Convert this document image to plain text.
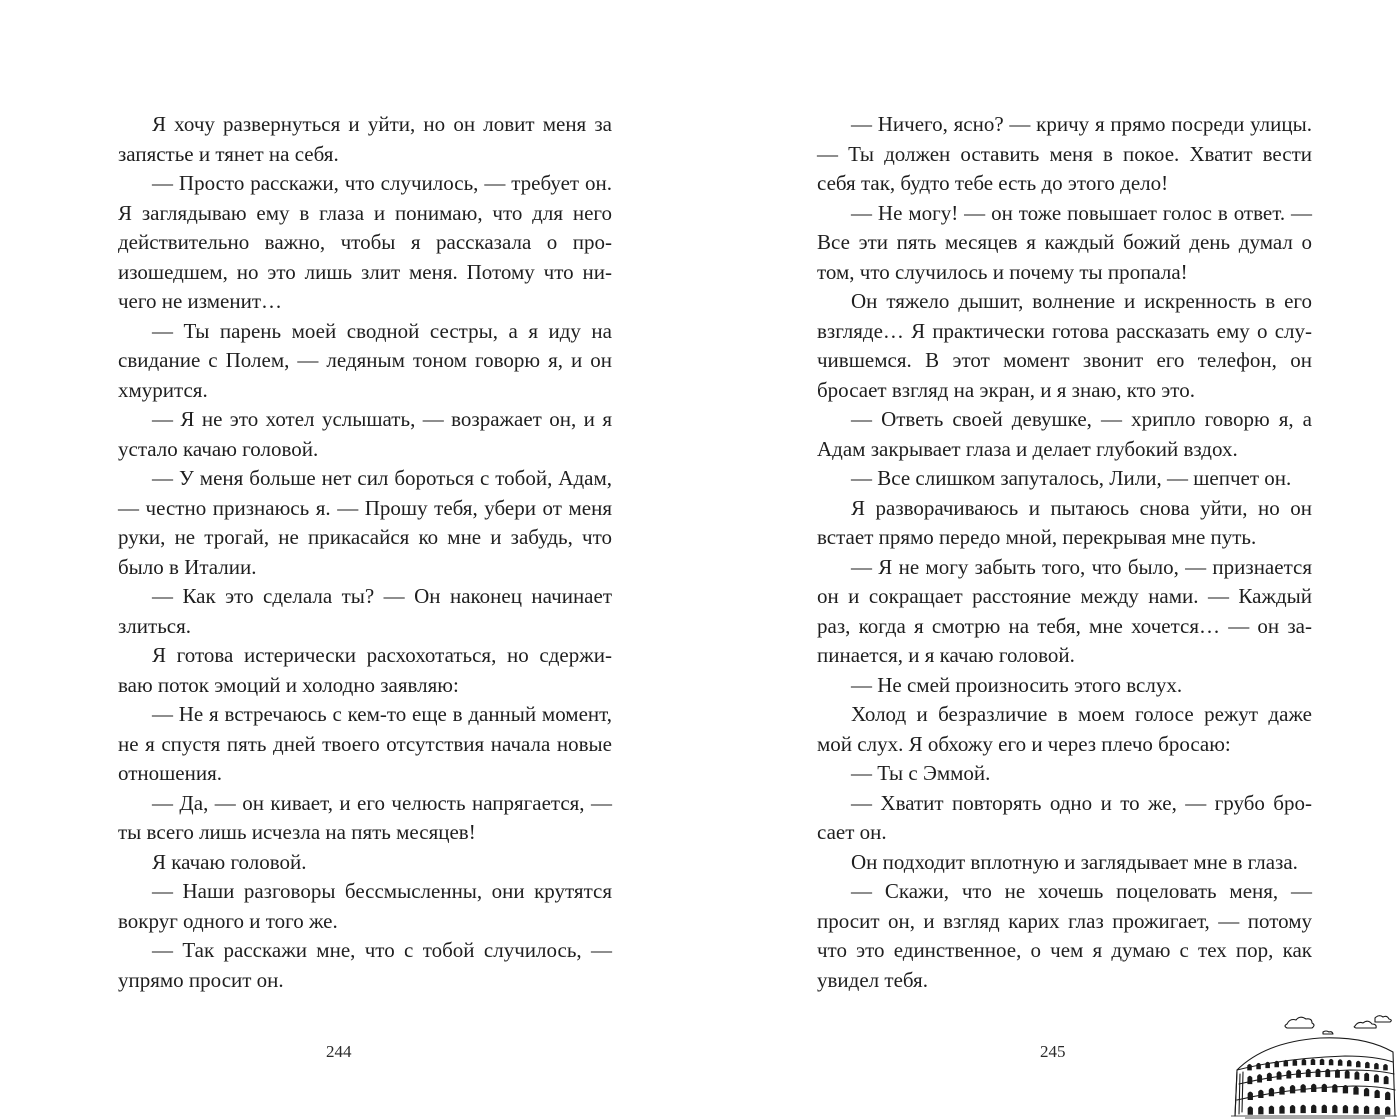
Я хочу развернуться и уйти, но он ловит меня за запястье и тянет на себя.

— Просто расскажи, что случилось, — требует он. Я заглядываю ему в глаза и понимаю, что для него действительно важно, чтобы я рассказала о произошедшем, но это лишь злит меня. Потому что ничего не изменит…

— Ты парень моей сводной сестры, а я иду на свидание с Полем, — ледяным тоном говорю я, и он хмурится.

— Я не это хотел услышать, — возражает он, и я устало качаю головой.

— У меня больше нет сил бороться с тобой, Адам, — честно признаюсь я. — Прошу тебя, убери от меня руки, не трогай, не прикасайся ко мне и забудь, что было в Италии.

— Как это сделала ты? — Он наконец начинает злиться.

Я готова истерически расхохотаться, но сдерживаю поток эмоций и холодно заявляю:

— Не я встречаюсь с кем-то еще в данный момент, не я спустя пять дней твоего отсутствия начала новые отношения.

— Да, — он кивает, и его челюсть напрягается, — ты всего лишь исчезла на пять месяцев!

Я качаю головой.

— Наши разговоры бессмысленны, они крутятся вокруг одного и того же.

— Так расскажи мне, что с тобой случилось, — упрямо просит он.

244

— Ничего, ясно? — кричу я прямо посреди улицы. — Ты должен оставить меня в покое. Хватит вести себя так, будто тебе есть до этого дело!

— Не могу! — он тоже повышает голос в ответ. — Все эти пять месяцев я каждый божий день думал о том, что случилось и почему ты пропала!

Он тяжело дышит, волнение и искренность в его взгляде… Я практически готова рассказать ему о случившемся. В этот момент звонит его телефон, он бросает взгляд на экран, и я знаю, кто это.

— Ответь своей девушке, — хрипло говорю я, а Адам закрывает глаза и делает глубокий вздох.

— Все слишком запуталось, Лили, — шепчет он.

Я разворачиваюсь и пытаюсь снова уйти, но он встает прямо передо мной, перекрывая мне путь.

— Я не могу забыть того, что было, — признается он и сокращает расстояние между нами. — Каждый раз, когда я смотрю на тебя, мне хочется… — он запинается, и я качаю головой.

— Не смей произносить этого вслух.

Холод и безразличие в моем голосе режут даже мой слух. Я обхожу его и через плечо бросаю:

— Ты с Эммой.

— Хватит повторять одно и то же, — грубо бросает он.

Он подходит вплотную и заглядывает мне в глаза.

— Скажи, что не хочешь поцеловать меня, — просит он, и взгляд карих глаз прожигает, — потому что это единственное, о чем я думаю с тех пор, как увидел тебя.

245
